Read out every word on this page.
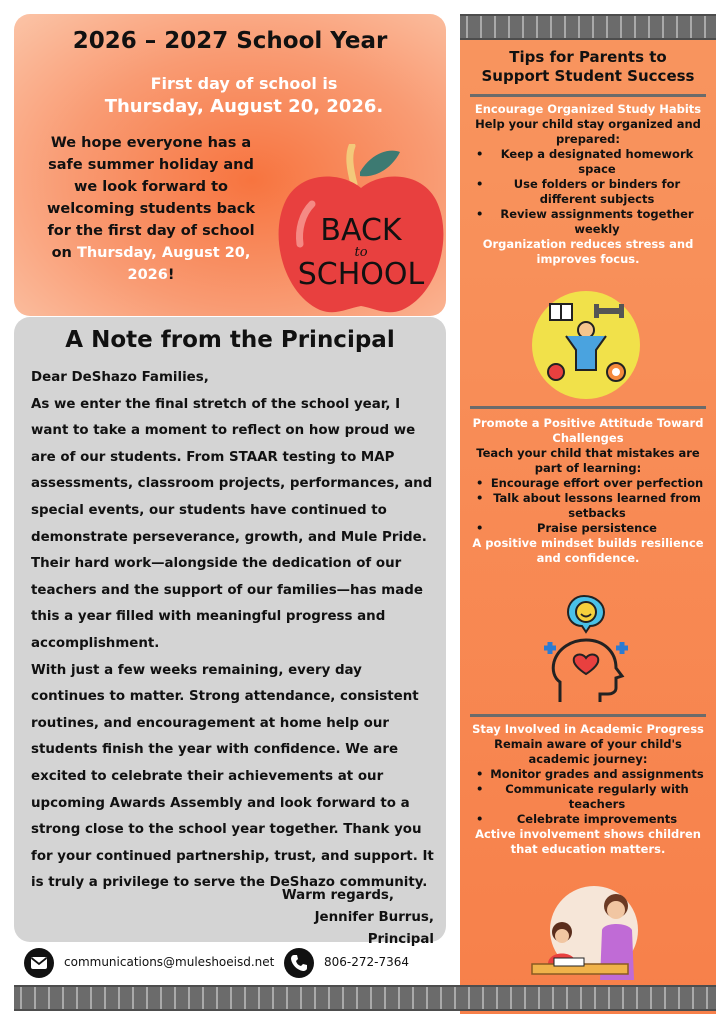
2026 – 2027 School Year
First day of school is
Thursday, August 20, 2026.
We hope everyone has a safe summer holiday and we look forward to welcoming students back for the first day of school on Thursday, August 20, 2026!
BACK
to
SCHOOL
A Note from the Principal

Dear DeShazo Families,

As we enter the final stretch of the school year, I want to take a moment to reflect on how proud we are of our students. From STAAR testing to MAP assessments, classroom projects, performances, and special events, our students have continued to demonstrate perseverance, growth, and Mule Pride. Their hard work—alongside the dedication of our teachers and the support of our families—has made this a year filled with meaningful progress and accomplishment.

With just a few weeks remaining, every day continues to matter. Strong attendance, consistent routines, and encouragement at home help our students finish the year with confidence. We are excited to celebrate their achievements at our upcoming Awards Assembly and look forward to a strong close to the school year together. Thank you for your continued partnership, trust, and support. It is truly a privilege to serve the DeShazo community.

Warm regards,
Jennifer Burrus, Principal
communications@muleshoeisd.net	806-272-7364
Tips for Parents to
Support Student Success
Encourage Organized Study Habits
Help your child stay organized and prepared:
• Keep a designated homework space
• Use folders or binders for different subjects
• Review assignments together weekly
Organization reduces stress and improves focus.
Promote a Positive Attitude Toward Challenges
Teach your child that mistakes are part of learning:
• Encourage effort over perfection
• Talk about lessons learned from setbacks
• Praise persistence
A positive mindset builds resilience and confidence.
Stay Involved in Academic Progress
Remain aware of your child's academic journey:
• Monitor grades and assignments
• Communicate regularly with teachers
• Celebrate improvements
Active involvement shows children that education matters.
